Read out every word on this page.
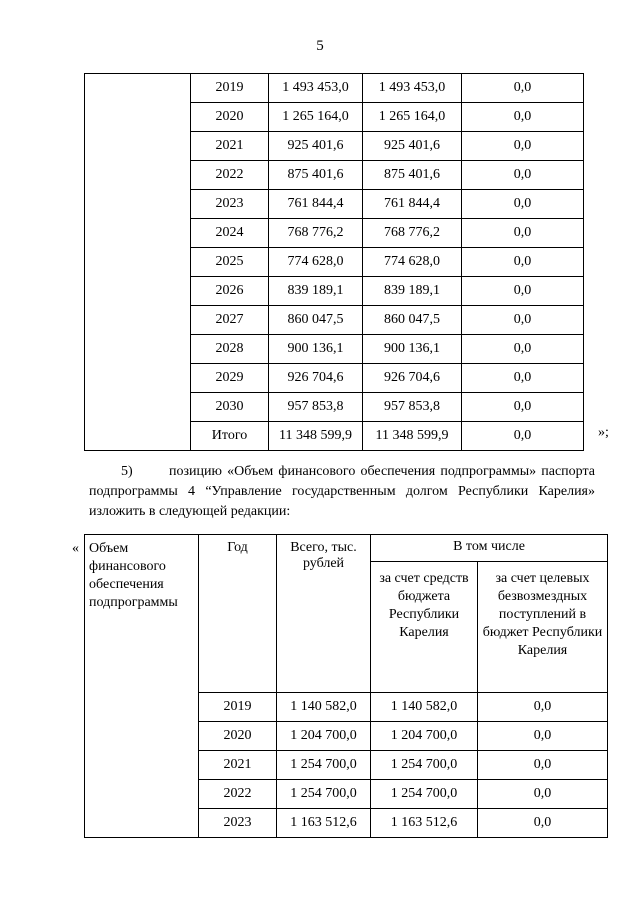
5
	2019	1 493 453,0	1 493 453,0	0,0
	2020	1 265 164,0	1 265 164,0	0,0
	2021	925 401,6	925 401,6	0,0
	2022	875 401,6	875 401,6	0,0
	2023	761 844,4	761 844,4	0,0
	2024	768 776,2	768 776,2	0,0
	2025	774 628,0	774 628,0	0,0
	2026	839 189,1	839 189,1	0,0
	2027	860 047,5	860 047,5	0,0
	2028	900 136,1	900 136,1	0,0
	2029	926 704,6	926 704,6	0,0
	2030	957 853,8	957 853,8	0,0
	Итого	11 348 599,9	11 348 599,9	0,0	»;
5)	позицию «Объем финансового обеспечения подпрограммы» паспорта подпрограммы 4 “Управление государственным долгом Республики Карелия» изложить в следующей редакции:
« Объем финансового обеспечения подпрограммы	Год	Всего, тыс. рублей	В том числе	
			за счет средств бюджета Республики Карелия	за счет целевых безвозмездных поступлений в бюджет Республики Карелия
	2019	1 140 582,0	1 140 582,0	0,0
	2020	1 204 700,0	1 204 700,0	0,0
	2021	1 254 700,0	1 254 700,0	0,0
	2022	1 254 700,0	1 254 700,0	0,0
	2023	1 163 512,6	1 163 512,6	0,0
